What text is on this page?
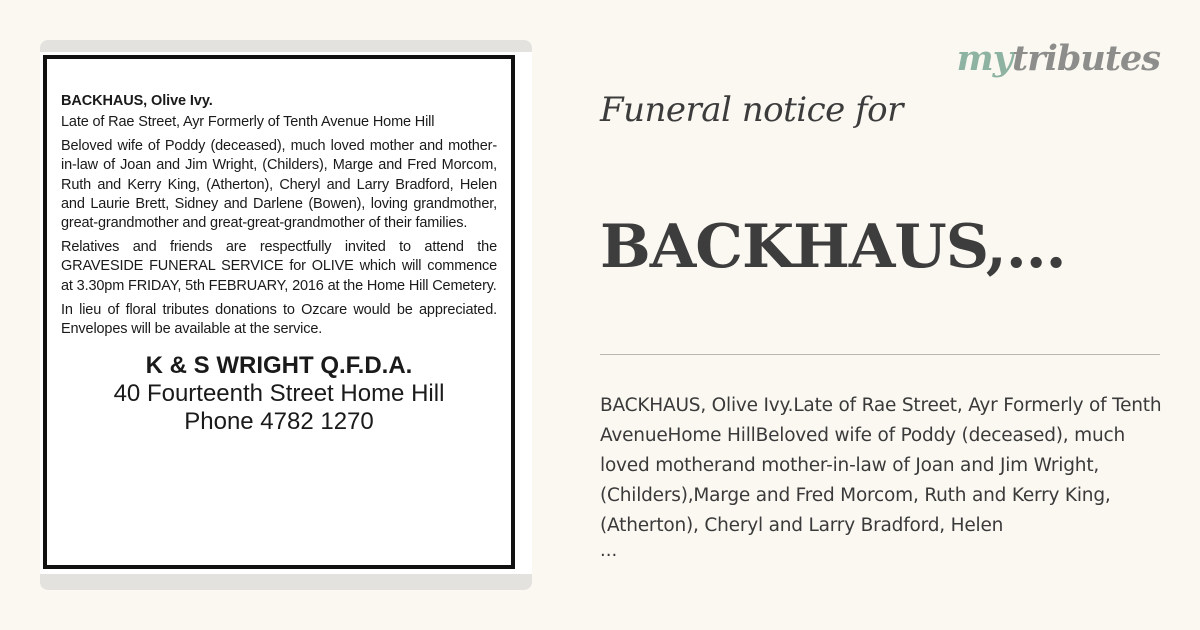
BACKHAUS, Olive Ivy.
Late of Rae Street, Ayr Formerly of Tenth Avenue Home Hill
Beloved wife of Poddy (deceased), much loved mother and mother-in-law of Joan and Jim Wright, (Childers), Marge and Fred Morcom, Ruth and Kerry King, (Atherton), Cheryl and Larry Bradford, Helen and Laurie Brett, Sidney and Darlene (Bowen), loving grandmother, great-grandmother and great-great-grandmother of their families.
Relatives and friends are respectfully invited to attend the GRAVESIDE FUNERAL SERVICE for OLIVE which will commence at 3.30pm FRIDAY, 5th FEBRUARY, 2016 at the Home Hill Cemetery.
In lieu of floral tributes donations to Ozcare would be appreciated. Envelopes will be available at the service.
K & S WRIGHT Q.F.D.A.
40 Fourteenth Street Home Hill
Phone 4782 1270
mytributes
Funeral notice for
BACKHAUS,...
BACKHAUS, Olive Ivy.Late of Rae Street, Ayr Formerly of Tenth AvenueHome HillBeloved wife of Poddy (deceased), much loved motherand mother-in-law of Joan and Jim Wright, (Childers),Marge and Fred Morcom, Ruth and Kerry King,(Atherton), Cheryl and Larry Bradford, Helen
...
